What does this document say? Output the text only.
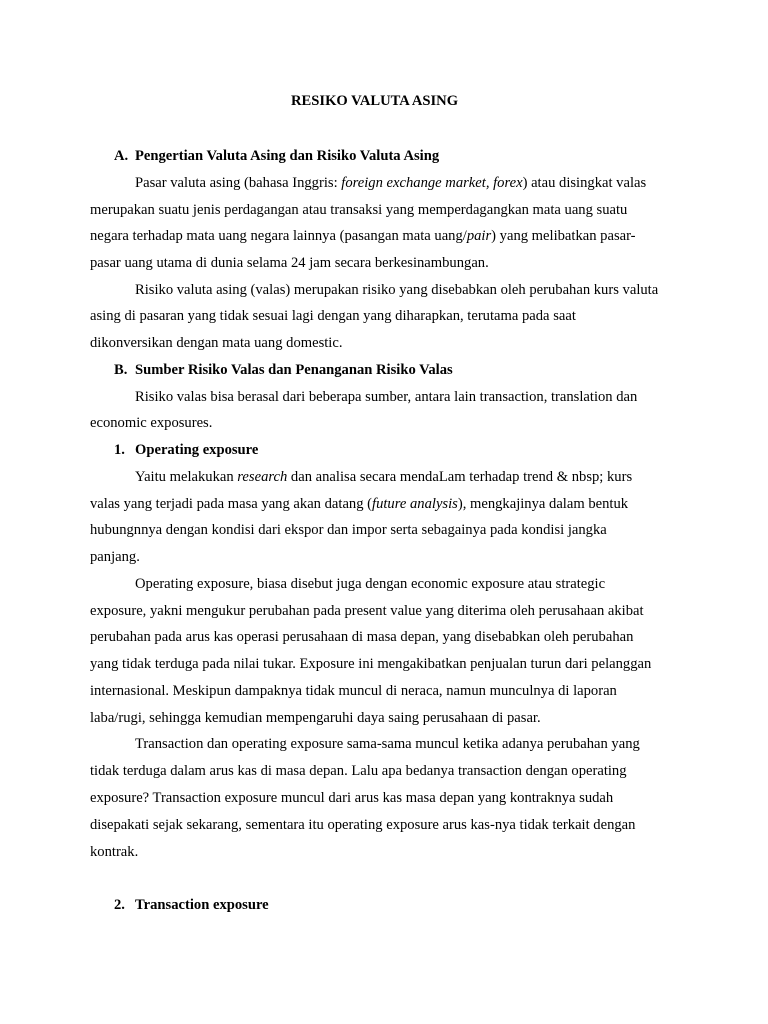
RESIKO VALUTA ASING
A. Pengertian Valuta Asing dan Risiko Valuta Asing
Pasar valuta asing (bahasa Inggris: foreign exchange market, forex) atau disingkat valas
merupakan suatu jenis perdagangan atau transaksi yang memperdagangkan mata uang suatu
negara terhadap mata uang negara lainnya (pasangan mata uang/pair) yang melibatkan pasar-
pasar uang utama di dunia selama 24 jam secara berkesinambungan.
Risiko valuta asing (valas) merupakan risiko yang disebabkan oleh perubahan kurs valuta
asing di pasaran yang tidak sesuai lagi dengan yang diharapkan, terutama pada saat
dikonversikan dengan mata uang domestic.
B. Sumber Risiko Valas dan Penanganan Risiko Valas
Risiko valas bisa berasal dari beberapa sumber, antara lain transaction, translation dan
economic exposures.
1. Operating exposure
Yaitu melakukan research dan analisa secara mendaLam terhadap trend & nbsp; kurs
valas yang terjadi pada masa yang akan datang (future analysis), mengkajinya dalam bentuk
hubungnnya dengan kondisi dari ekspor dan impor serta sebagainya pada kondisi jangka
panjang.
Operating exposure, biasa disebut juga dengan economic exposure atau strategic
exposure, yakni mengukur perubahan pada present value yang diterima oleh perusahaan akibat
perubahan pada arus kas operasi perusahaan di masa depan, yang disebabkan oleh perubahan
yang tidak terduga pada nilai tukar. Exposure ini mengakibatkan penjualan turun dari pelanggan
internasional. Meskipun dampaknya tidak muncul di neraca, namun munculnya di laporan
laba/rugi, sehingga kemudian mempengaruhi daya saing perusahaan di pasar.
Transaction dan operating exposure sama-sama muncul ketika adanya perubahan yang
tidak terduga dalam arus kas di masa depan. Lalu apa bedanya transaction dengan operating
exposure? Transaction exposure muncul dari arus kas masa depan yang kontraknya sudah
disepakati sejak sekarang, sementara itu operating exposure arus kas-nya tidak terkait dengan
kontrak.
2. Transaction exposure
